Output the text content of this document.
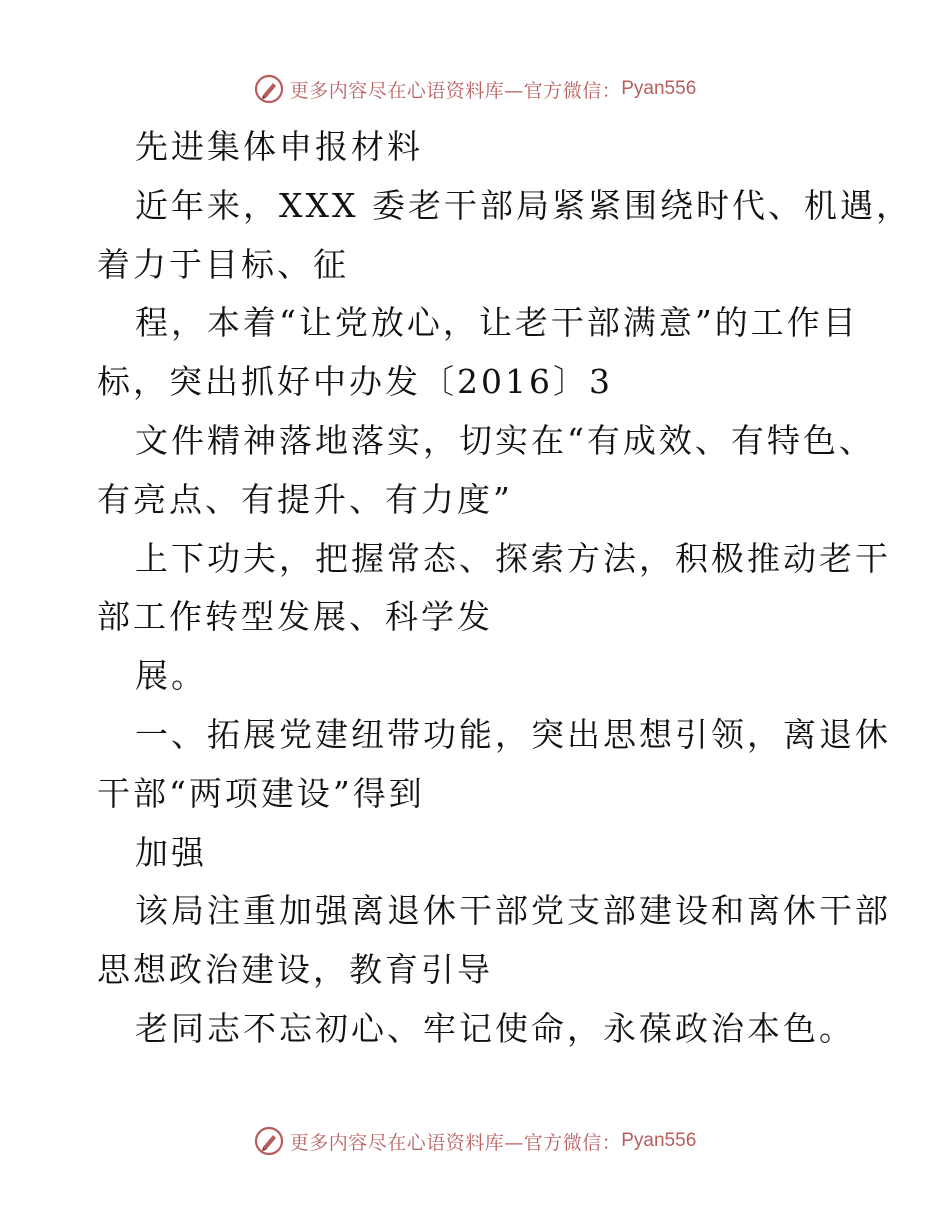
更多内容尽在心语资料库—官方微信： Pyan556
先进集体申报材料
近年来，XXX 委老干部局紧紧围绕时代、机遇，
着力于目标、征
程，本着“让党放心，让老干部满意”的工作目
标，突出抓好中办发〔2016〕3
文件精神落地落实，切实在“有成效、有特色、
有亮点、有提升、有力度”
上下功夫，把握常态、探索方法，积极推动老干
部工作转型发展、科学发
展。
一、拓展党建纽带功能，突出思想引领，离退休
干部“两项建设”得到
加强
该局注重加强离退休干部党支部建设和离休干部
思想政治建设，教育引导
老同志不忘初心、牢记使命，永葆政治本色。
更多内容尽在心语资料库—官方微信： Pyan556
